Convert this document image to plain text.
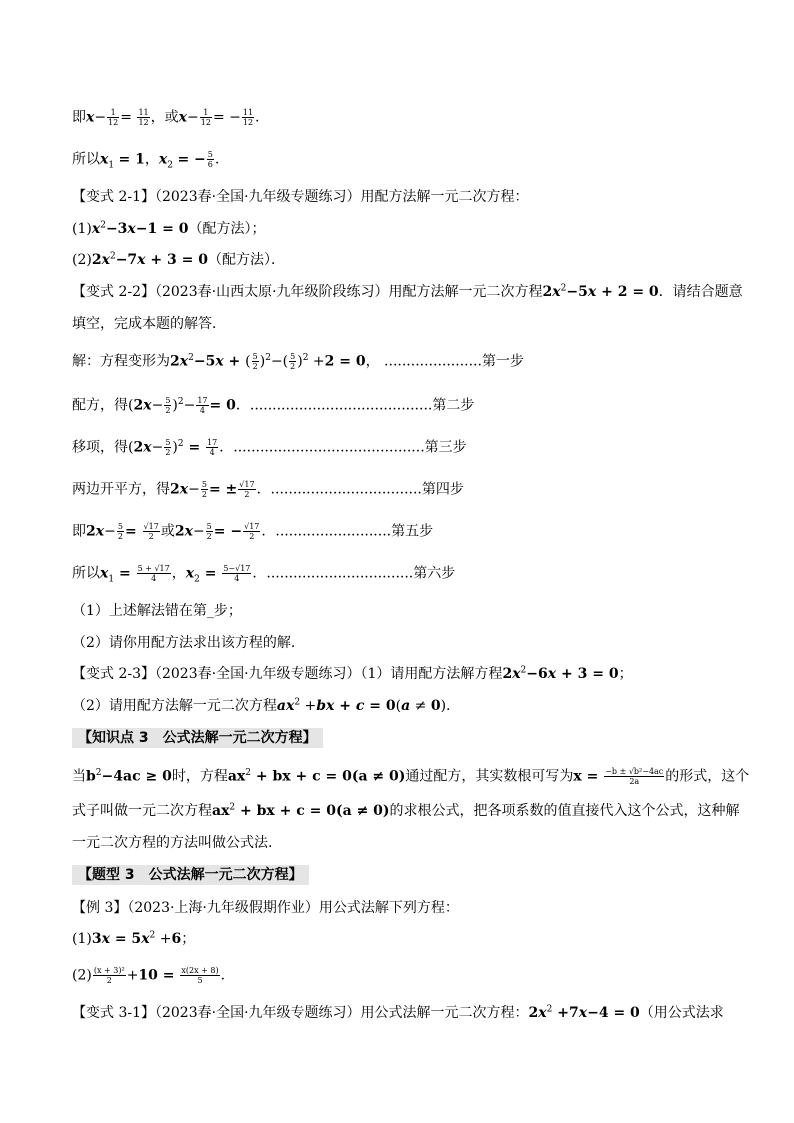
即$x- \frac{1}{12} = \frac{11}{12}$ ，或$x- \frac{1}{12}$ = − $\frac{11}{12}$ .
所以$x_1 = 1$，$x_2$ = − $\frac{5}{6}$ .
【变式 2-1】（2023春·全国·九年级专题练习）用配方法解一元二次方程：
$(1)x^2-3x-1 = 0$（配方法）；
$(2)2x^2-7x + 3 = 0$（配方法）．
【变式 2-2】（2023春·山西太原·九年级阶段练习）用配方法解一元二次方程$2x^2-5x + 2 = 0$．请结合题意
填空，完成本题的解答．
解：方程变形为$2x^2-5x$ + ( $\frac{5}{2} )^2-( \frac{5}{2} )^2 +2 = 0$， ......................第一步
配方，得$(2x- \frac{5}{2} )^2- \frac{17}{4} = 0$．.........................................第二步
移项，得$(2x- \frac{5}{2} )^2 = \frac{17}{4}$ ．...........................................第三步
两边开平方，得$2x- \frac{5}{2}$ = ± $\frac{√17}{2}$ ．..................................第四步
即$2x- \frac{5}{2} = \frac{√17}{2}$ 或$2x- \frac{5}{2}$ = − $\frac{√17}{2}$ ．..........................第五步
所以$x_1 = \frac{5 + √17}{4}$ ，$x_2 = \frac{5-√17}{4}$ ．.................................第六步
（1）上述解法错在第_步；
（2）请你用配方法求出该方程的解．
【变式 2-3】（2023春·全国·九年级专题练习）（1）请用配方法解方程$2x^2-6x + 3 = 0$；
（2）请用配方法解一元二次方程$ax^2 +bx + c = 0(a \ne 0)$.
【知识点 3　公式法解一元二次方程】
当$b^2-4ac \ge 0$时，方程$ax^2$ + bx + c = 0(a ≠ 0)通过配方，其实数根可写为$x = \frac{\text{−b ± √b²−4ac}}{2a}$ 的形式，这个
式子叫做一元二次方程$ax^2$ + bx + c = 0(a ≠ 0)的求根公式，把各项系数的值直接代入这个公式，这种解
一元二次方程的方法叫做公式法.
【题型 3　公式法解一元二次方程】
【例 3】（2023·上海·九年级假期作业）用公式法解下列方程：
$(1)3x = 5x^2 +6$；
$(2) \frac{\text{(x + 3)²}}{2} +10 = \frac{x(2x + 8)}{5}$ .
【变式 3-1】（2023春·全国·九年级专题练习）用公式法解一元二次方程：$2x^2 +7x-4 = 0$（用公式法求
